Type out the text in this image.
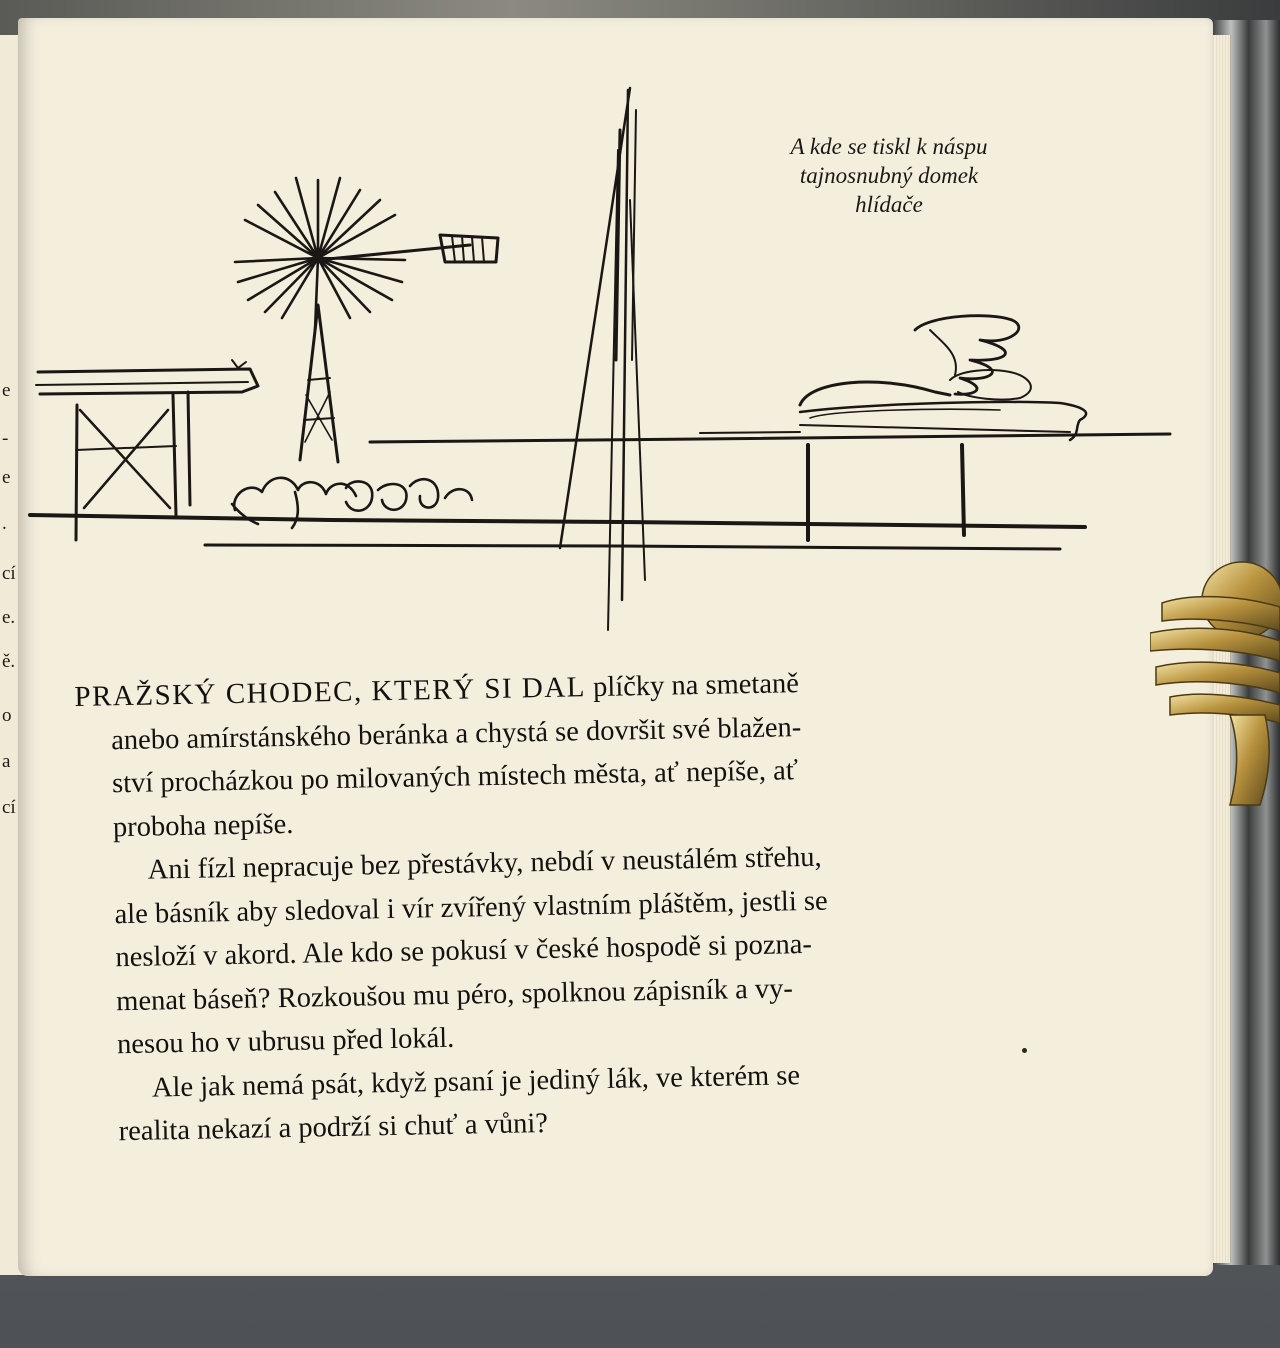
e
-
e
.
cí
e.
ě.
o
a
cí
A kde se tiskl k náspu
tajnosnubný domek
hlídače
PRAŽSKÝ CHODEC, KTERÝ SI DAL plíčky na smetaně
anebo amírstánského beránka a chystá se dovršit své blažen-
ství procházkou po milovaných místech města, ať nepíše, ať
proboha nepíše.
Ani fízl nepracuje bez přestávky, nebdí v neustálém střehu,
ale básník aby sledoval i vír zvířený vlastním pláštěm, jestli se
nesloží v akord. Ale kdo se pokusí v české hospodě si pozna-
menat báseň? Rozkoušou mu péro, spolknou zápisník a vy-
nesou ho v ubrusu před lokál.
Ale jak nemá psát, když psaní je jediný lák, ve kterém se
realita nekazí a podrží si chuť a vůni?
